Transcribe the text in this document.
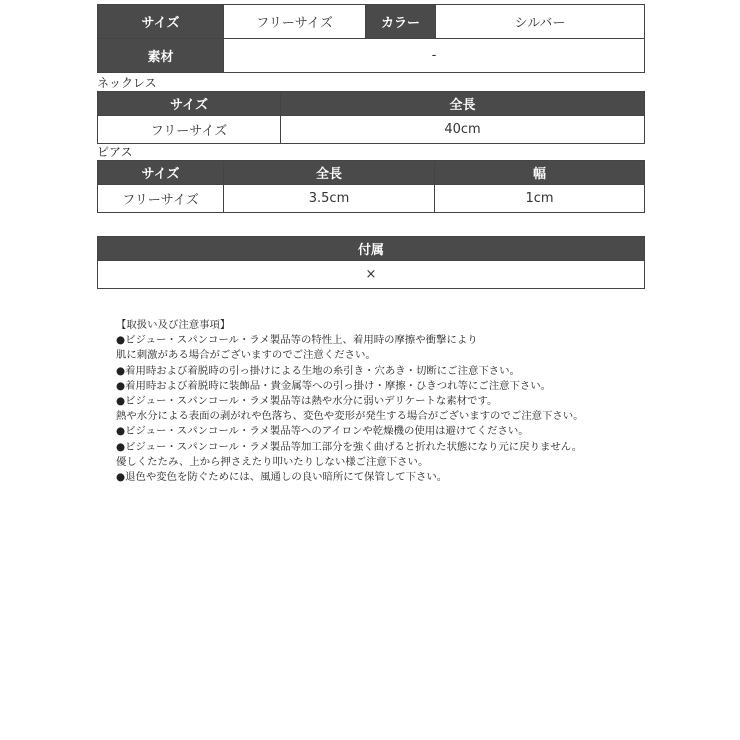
サイズ	フリーサイズ	カラー	シルバー
素材	-		
ネックレス
サイズ	全長
フリーサイズ	40cm
ピアス
サイズ	全長	幅
フリーサイズ	3.5cm	1cm
付属
×
【取扱い及び注意事項】
●ビジュー・スパンコール・ラメ製品等の特性上、着用時の摩擦や衝撃により
肌に刺激がある場合がございますのでご注意ください。
●着用時および着脱時の引っ掛けによる生地の糸引き・穴あき・切断にご注意下さい。
●着用時および着脱時に装飾品・貴金属等への引っ掛け・摩擦・ひきつれ等にご注意下さい。
●ビジュー・スパンコール・ラメ製品等は熱や水分に弱いデリケートな素材です。
熱や水分による表面の剥がれや色落ち、変色や変形が発生する場合がございますのでご注意下さい。
●ビジュー・スパンコール・ラメ製品等へのアイロンや乾燥機の使用は避けてください。
●ビジュー・スパンコール・ラメ製品等加工部分を強く曲げると折れた状態になり元に戻りません。
優しくたたみ、上から押さえたり叩いたりしない様ご注意下さい。
●退色や変色を防ぐためには、風通しの良い暗所にて保管して下さい。
